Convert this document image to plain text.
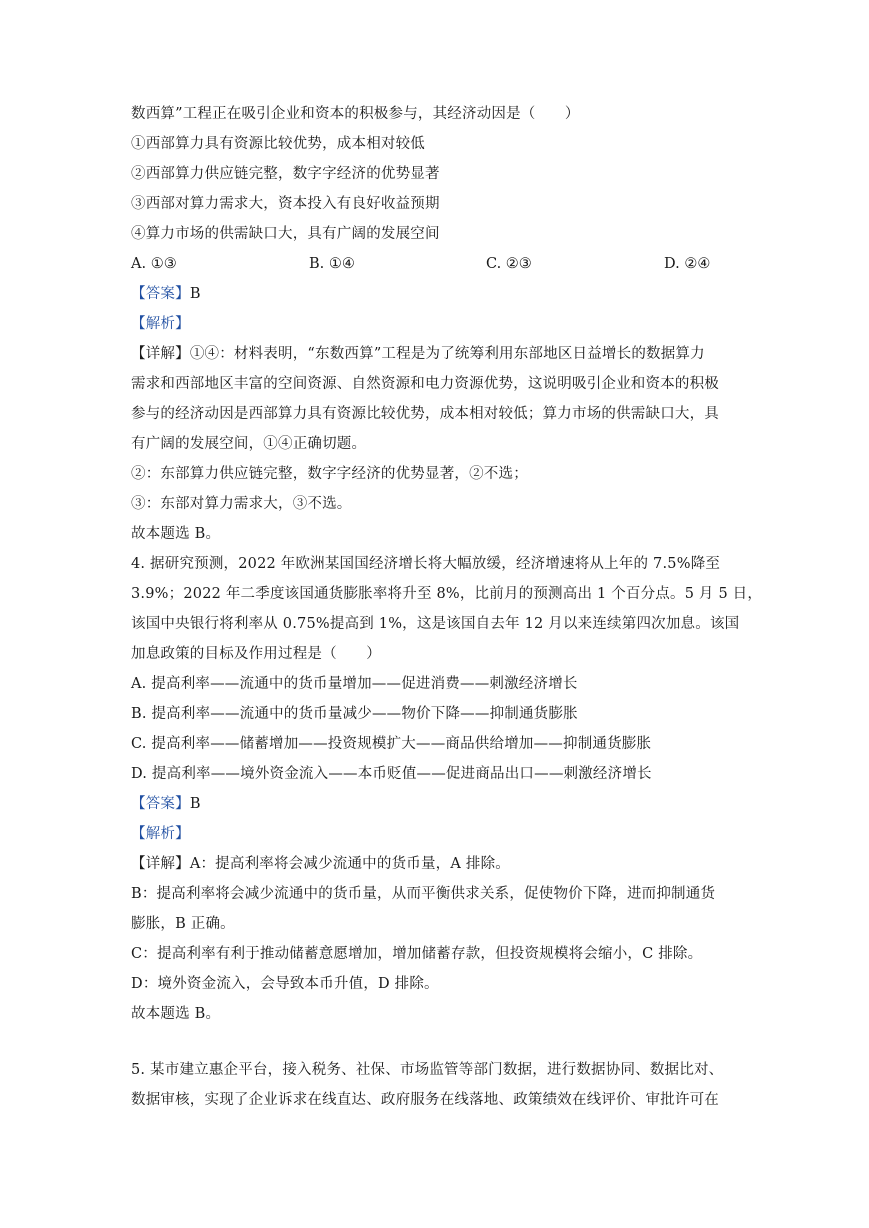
数西算”工程正在吸引企业和资本的积极参与，其经济动因是（　　）
①西部算力具有资源比较优势，成本相对较低
②西部算力供应链完整，数字字经济的优势显著
③西部对算力需求大，资本投入有良好收益预期
④算力市场的供需缺口大，具有广阔的发展空间
A. ①③	B. ①④	C. ②③	D. ②④
【答案】B
【解析】
【详解】①④：材料表明，“东数西算”工程是为了统筹利用东部地区日益增长的数据算力
需求和西部地区丰富的空间资源、自然资源和电力资源优势，这说明吸引企业和资本的积极
参与的经济动因是西部算力具有资源比较优势，成本相对较低；算力市场的供需缺口大，具
有广阔的发展空间，①④正确切题。
②：东部算力供应链完整，数字字经济的优势显著，②不选；
③：东部对算力需求大，③不选。
故本题选 B。
4. 据研究预测，2022 年欧洲某国国经济增长将大幅放缓，经济增速将从上年的 7.5%降至
3.9%；2022 年二季度该国通货膨胀率将升至 8%，比前月的预测高出 1 个百分点。5 月 5 日，
该国中央银行将利率从 0.75%提高到 1%，这是该国自去年 12 月以来连续第四次加息。该国
加息政策的目标及作用过程是（　　）
A. 提高利率——流通中的货币量增加——促进消费——刺激经济增长
B. 提高利率——流通中的货币量减少——物价下降——抑制通货膨胀
C. 提高利率——储蓄增加——投资规模扩大——商品供给增加——抑制通货膨胀
D. 提高利率——境外资金流入——本币贬值——促进商品出口——刺激经济增长
【答案】B
【解析】
【详解】A：提高利率将会减少流通中的货币量，A 排除。
B：提高利率将会减少流通中的货币量，从而平衡供求关系，促使物价下降，进而抑制通货
膨胀，B 正确。
C：提高利率有利于推动储蓄意愿增加，增加储蓄存款，但投资规模将会缩小，C 排除。
D：境外资金流入，会导致本币升值，D 排除。
故本题选 B。
5. 某市建立惠企平台，接入税务、社保、市场监管等部门数据，进行数据协同、数据比对、
数据审核，实现了企业诉求在线直达、政府服务在线落地、政策绩效在线评价、审批许可在
